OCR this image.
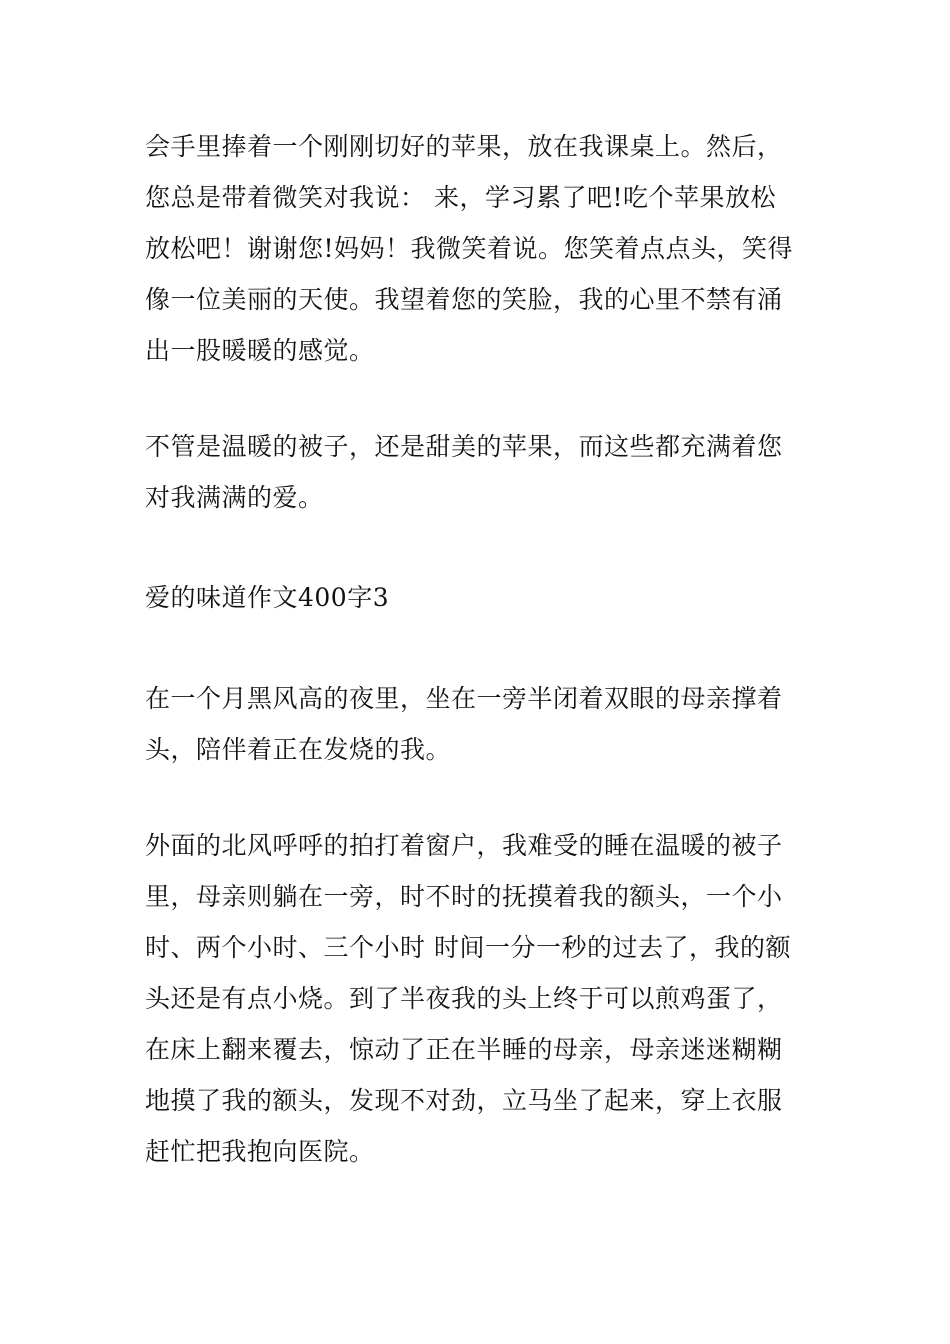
会手里捧着一个刚刚切好的苹果，放在我课桌上。然后，
您总是带着微笑对我说： 来，学习累了吧!吃个苹果放松
放松吧！谢谢您!妈妈！我微笑着说。您笑着点点头，笑得
像一位美丽的天使。我望着您的笑脸，我的心里不禁有涌
出一股暖暖的感觉。
不管是温暖的被子，还是甜美的苹果，而这些都充满着您
对我满满的爱。
爱的味道作文400字3
在一个月黑风高的夜里，坐在一旁半闭着双眼的母亲撑着
头，陪伴着正在发烧的我。
外面的北风呼呼的拍打着窗户，我难受的睡在温暖的被子
里，母亲则躺在一旁，时不时的抚摸着我的额头，一个小
时、两个小时、三个小时 时间一分一秒的过去了，我的额
头还是有点小烧。到了半夜我的头上终于可以煎鸡蛋了，
在床上翻来覆去，惊动了正在半睡的母亲，母亲迷迷糊糊
地摸了我的额头，发现不对劲，立马坐了起来，穿上衣服
赶忙把我抱向医院。
